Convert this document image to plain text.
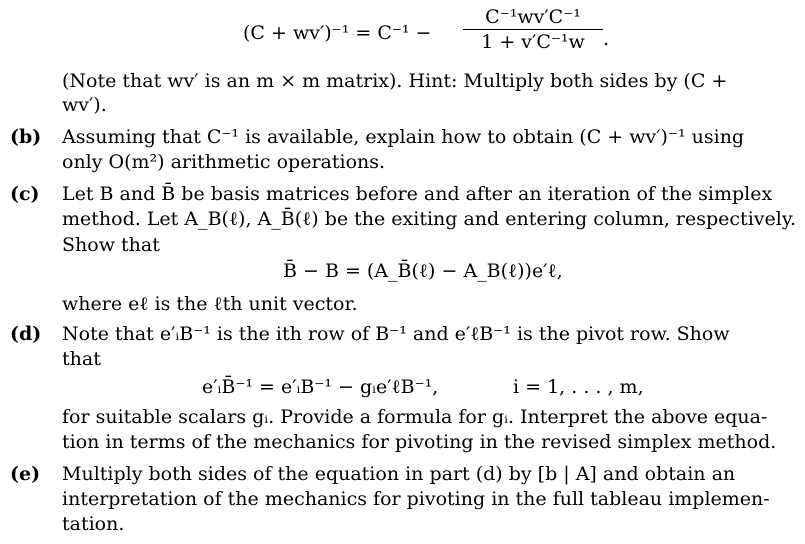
(C + wv′)⁻¹ = C⁻¹ −
C⁻¹wv′C⁻¹
1 + v′C⁻¹w .
(Note that wv′ is an m × m matrix). Hint: Multiply both sides by (C +
wv′).
(b) Assuming that C⁻¹ is available, explain how to obtain (C + wv′)⁻¹ using
only O(m²) arithmetic operations.
(c) Let B and B̄ be basis matrices before and after an iteration of the simplex
method. Let A_B(ℓ), A_B̄(ℓ) be the exiting and entering column, respectively.
Show that
B̄ − B = (A_B̄(ℓ) − A_B(ℓ))e′ℓ,
where eℓ is the ℓth unit vector.
(d) Note that e′ᵢB⁻¹ is the ith row of B⁻¹ and e′ℓB⁻¹ is the pivot row. Show
that
e′ᵢB̄⁻¹ = e′ᵢB⁻¹ − gᵢe′ℓB⁻¹,	i = 1, . . . , m,
for suitable scalars gᵢ. Provide a formula for gᵢ. Interpret the above equa-
tion in terms of the mechanics for pivoting in the revised simplex method.
(e) Multiply both sides of the equation in part (d) by [b | A] and obtain an
interpretation of the mechanics for pivoting in the full tableau implemen-
tation.
